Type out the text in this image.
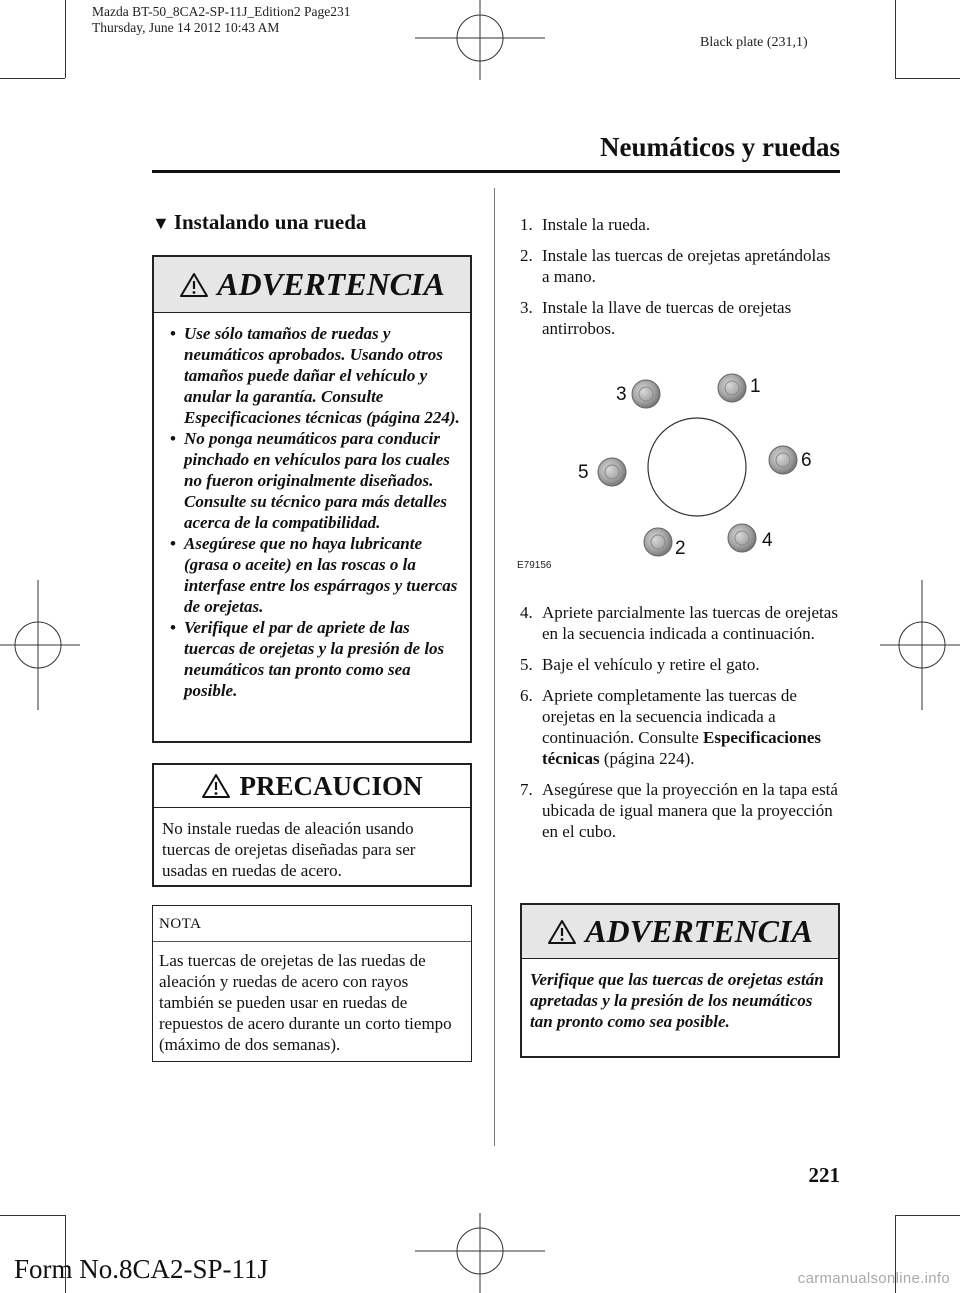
Mazda BT-50_8CA2-SP-11J_Edition2 Page231
Thursday, June 14 2012 10:43 AM
Black plate (231,1)
Neumáticos y ruedas
▼ Instalando una rueda
ADVERTENCIA
• Use sólo tamaños de ruedas y neumáticos aprobados. Usando otros tamaños puede dañar el vehículo y anular la garantía. Consulte Especificaciones técnicas (página 224).
• No ponga neumáticos para conducir pinchado en vehículos para los cuales no fueron originalmente diseñados. Consulte su técnico para más detalles acerca de la compatibilidad.
• Asegúrese que no haya lubricante (grasa o aceite) en las roscas o la interfase entre los espárragos y tuercas de orejetas.
• Verifique el par de apriete de las tuercas de orejetas y la presión de los neumáticos tan pronto como sea posible.
PRECAUCION
No instale ruedas de aleación usando tuercas de orejetas diseñadas para ser usadas en ruedas de acero.
NOTA
Las tuercas de orejetas de las ruedas de aleación y ruedas de acero con rayos también se pueden usar en ruedas de repuestos de acero durante un corto tiempo (máximo de dos semanas).
1. Instale la rueda.
2. Instale las tuercas de orejetas apretándolas a mano.
3. Instale la llave de tuercas de orejetas antirrobos.
1
2
3
4
5
6
E79156
4. Apriete parcialmente las tuercas de orejetas en la secuencia indicada a continuación.
5. Baje el vehículo y retire el gato.
6. Apriete completamente las tuercas de orejetas en la secuencia indicada a continuación. Consulte Especificaciones técnicas (página 224).
7. Asegúrese que la proyección en la tapa está ubicada de igual manera que la proyección en el cubo.
ADVERTENCIA
Verifique que las tuercas de orejetas están apretadas y la presión de los neumáticos tan pronto como sea posible.
221
Form No.8CA2-SP-11J	carmanualsonline.info
